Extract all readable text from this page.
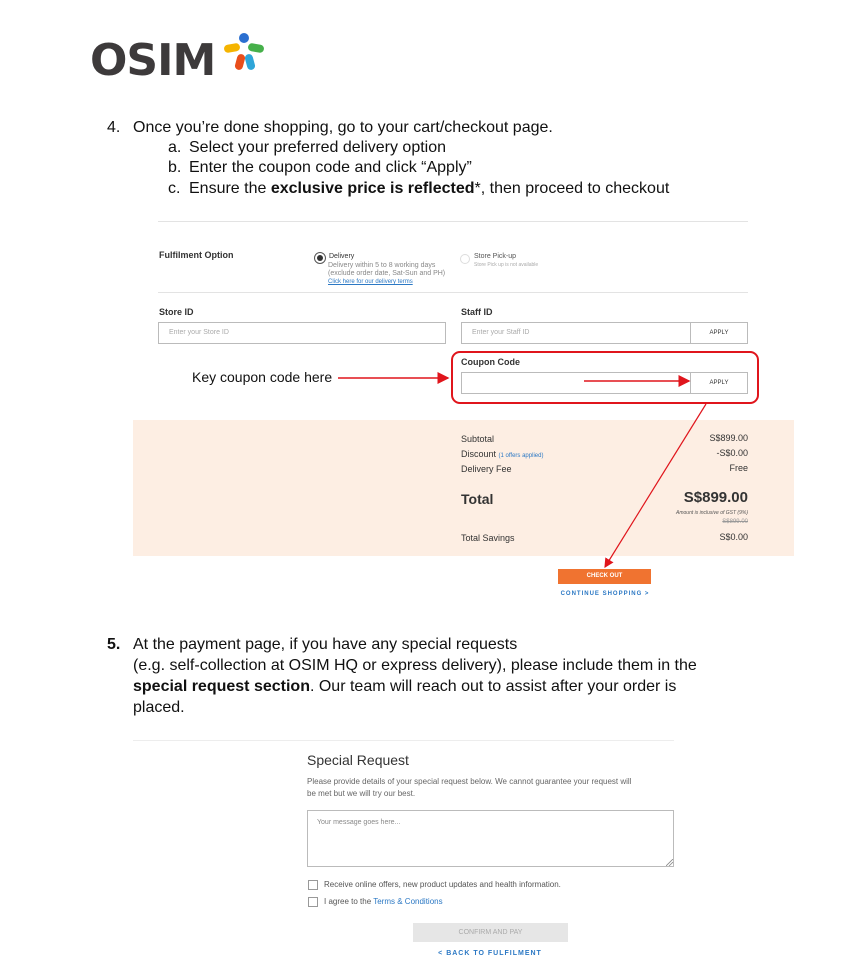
OSIM
4. Once you’re done shopping, go to your cart/checkout page.
a. Select your preferred delivery option
b. Enter the coupon code and click “Apply”
c. Ensure the exclusive price is reflected*, then proceed to checkout
Fulfilment Option	Delivery
Delivery within 5 to 8 working days
(exclude order date, Sat-Sun and PH)
Click here for our delivery terms
Store Pick-up
Store Pick up is not available
Store ID
Enter your Store ID
Staff ID
Enter your Staff ID	APPLY
Coupon Code
APPLY
Key coupon code here
Subtotal	S$899.00
Discount (1 offers applied)	-S$0.00
Delivery Fee	Free
Total	S$899.00
Amount is inclusive of GST (9%)
S$899.00
Total Savings	S$0.00
CHECK OUT
CONTINUE SHOPPING >
5. At the payment page, if you have any special requests
(e.g. self-collection at OSIM HQ or express delivery), please include them in the
special request section. Our team will reach out to assist after your order is
placed.
Special Request
Please provide details of your special request below. We cannot guarantee your request will
be met but we will try our best.
Your message goes here...
Receive online offers, new product updates and health information.
I agree to the Terms & Conditions
CONFIRM AND PAY
< BACK TO FULFILMENT
